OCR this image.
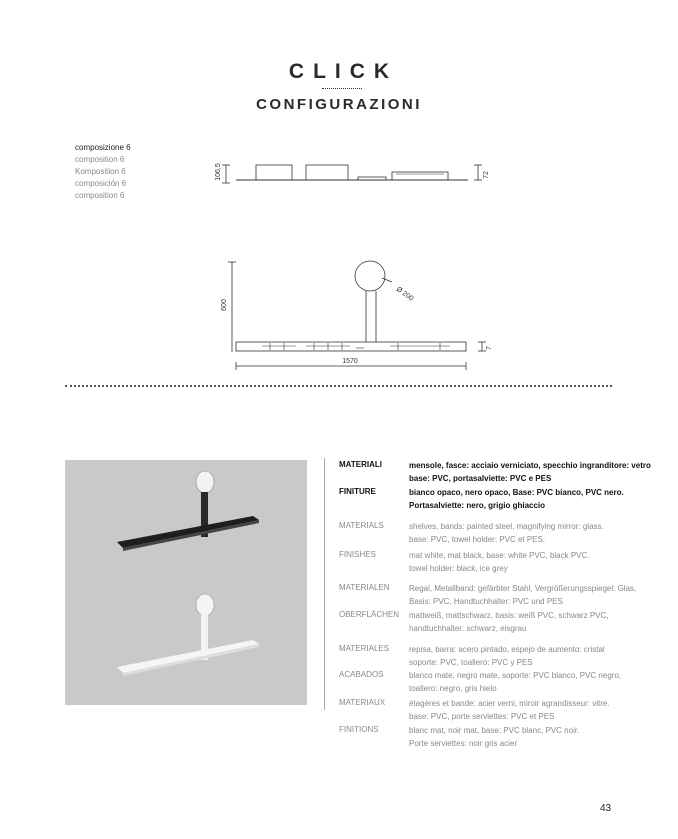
CLICK
CONFIGURAZIONI
composizione 6
composition 6
Komposition 6
composición 6
composition 6
106,5	72
600
Ø 200
7
1570
MATERIALI	mensole, fasce: acciaio verniciato, specchio ingranditore: vetro
base: PVC, portasalviette: PVC e PES
FINITURE	bianco opaco, nero opaco, Base: PVC bianco, PVC nero.
Portasalviette: nero, grigio ghiaccio
MATERIALS	shelves, bands: painted steel, magnifying mirror: glass.
base: PVC, towel holder: PVC et PES.
FINISHES	mat white, mat black, base: white PVC, black PVC.
towel holder: black, ice grey
MATERIALEN	Regal, Metallband: gefärbter Stahl, Vergrößerungsspiegel: Glas,
Basis: PVC, Handtuchhalter: PVC und PES
OBERFLÄCHEN	mattweiß, mattschwarz, basis: weiß PVC, schwarz PVC,
handtuchhalter: schwarz, eisgrau
MATERIALES	repisa, barra: acero pintado, espejo de aumento: cristal
soporte: PVC, toallero: PVC y PES
ACABADOS	blanco mate, negro mate, soporte: PVC blanco, PVC negro,
toallero: negro, gris hielo
MATERIAUX	étagères et bande: acier verni, miroir agrandisseur: vitre.
base: PVC, porte serviettes: PVC et PES
FINITIONS	blanc mat, noir mat, base: PVC blanc, PVC noir.
Porte serviettes: noir gris acier
43
